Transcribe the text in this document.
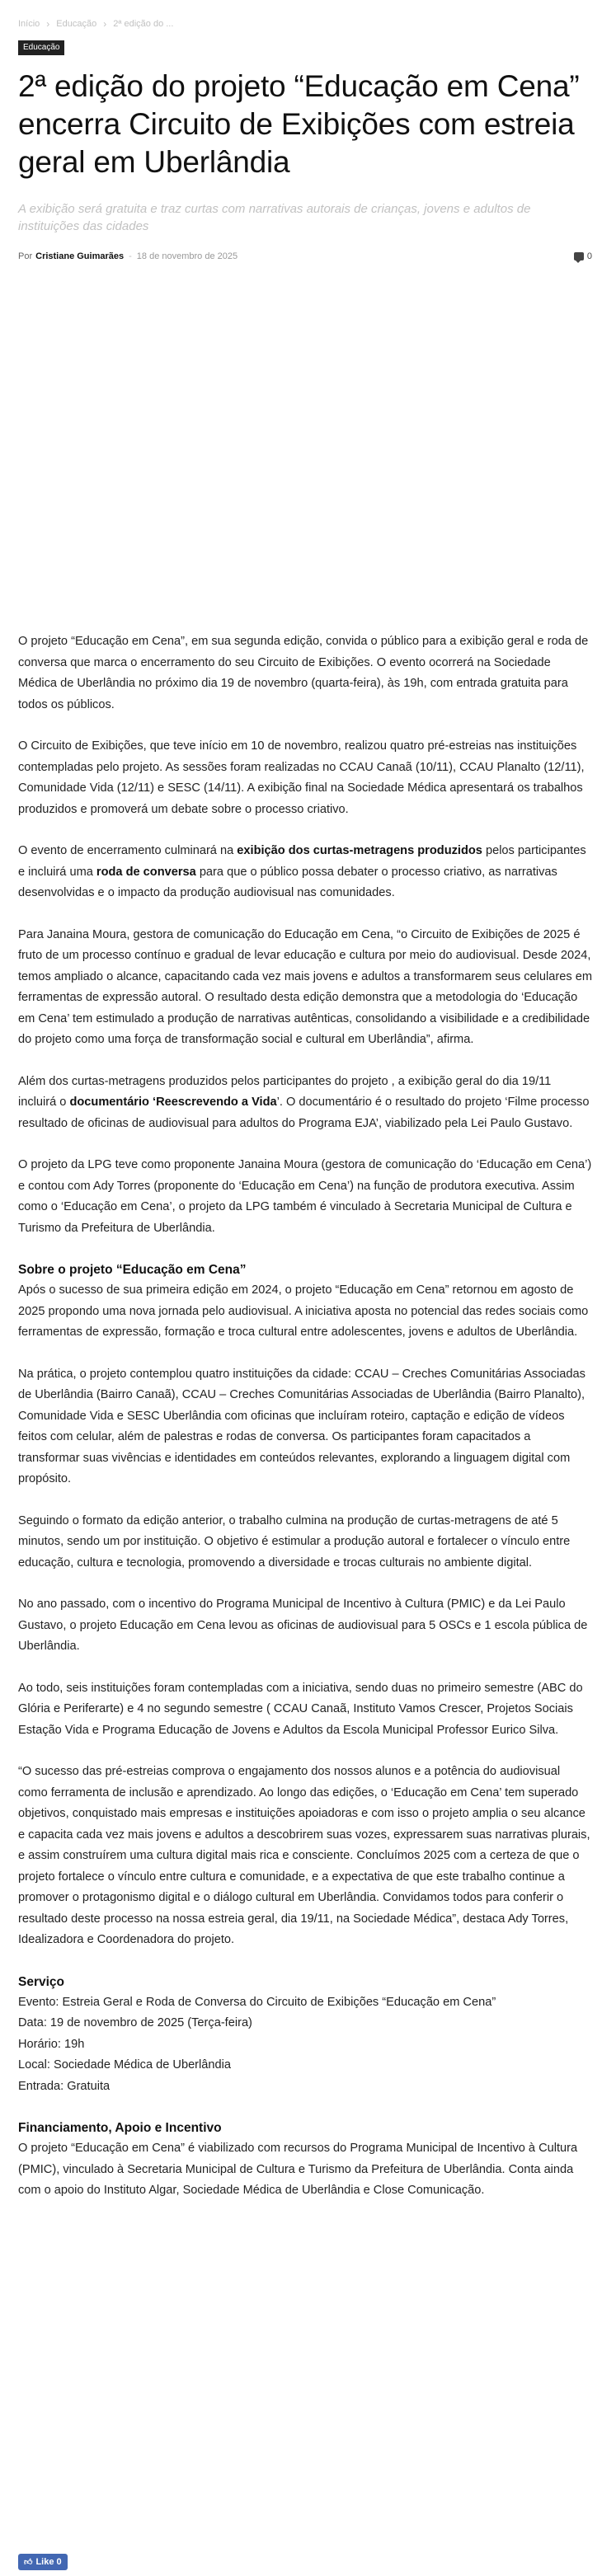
Início › Educação › 2ª edição do ...
Educação
2ª edição do projeto “Educação em Cena” encerra Circuito de Exibições com estreia geral em Uberlândia

A exibição será gratuita e traz curtas com narrativas autorais de crianças, jovens e adultos de instituições das cidades

Por Cristiane Guimarães - 18 de novembro de 2025	0

O projeto “Educação em Cena”, em sua segunda edição, convida o público para a exibição geral e roda de conversa que marca o encerramento do seu Circuito de Exibições. O evento ocorrerá na Sociedade Médica de Uberlândia no próximo dia 19 de novembro (quarta-feira), às 19h, com entrada gratuita para todos os públicos.

O Circuito de Exibições, que teve início em 10 de novembro, realizou quatro pré-estreias nas instituições contempladas pelo projeto. As sessões foram realizadas no CCAU Canaã (10/11), CCAU Planalto (12/11), Comunidade Vida (12/11) e SESC (14/11). A exibição final na Sociedade Médica apresentará os trabalhos produzidos e promoverá um debate sobre o processo criativo.

O evento de encerramento culminará na exibição dos curtas-metragens produzidos pelos participantes e incluirá uma roda de conversa para que o público possa debater o processo criativo, as narrativas desenvolvidas e o impacto da produção audiovisual nas comunidades.

Para Janaina Moura, gestora de comunicação do Educação em Cena, “o Circuito de Exibições de 2025 é fruto de um processo contínuo e gradual de levar educação e cultura por meio do audiovisual. Desde 2024, temos ampliado o alcance, capacitando cada vez mais jovens e adultos a transformarem seus celulares em ferramentas de expressão autoral. O resultado desta edição demonstra que a metodologia do ‘Educação em Cena’ tem estimulado a produção de narrativas autênticas, consolidando a visibilidade e a credibilidade do projeto como uma força de transformação social e cultural em Uberlândia”, afirma.

Além dos curtas-metragens produzidos pelos participantes do projeto , a exibição geral do dia 19/11 incluirá o documentário ‘Reescrevendo a Vida’. O documentário é o resultado do projeto ‘Filme processo resultado de oficinas de audiovisual para adultos do Programa EJA’, viabilizado pela Lei Paulo Gustavo.

O projeto da LPG teve como proponente Janaina Moura (gestora de comunicação do ‘Educação em Cena’) e contou com Ady Torres (proponente do ‘Educação em Cena’) na função de produtora executiva. Assim como o ‘Educação em Cena’, o projeto da LPG também é vinculado à Secretaria Municipal de Cultura e Turismo da Prefeitura de Uberlândia.

Sobre o projeto “Educação em Cena”

Após o sucesso de sua primeira edição em 2024, o projeto “Educação em Cena” retornou em agosto de 2025 propondo uma nova jornada pelo audiovisual. A iniciativa aposta no potencial das redes sociais como ferramentas de expressão, formação e troca cultural entre adolescentes, jovens e adultos de Uberlândia.

Na prática, o projeto contemplou quatro instituições da cidade: CCAU – Creches Comunitárias Associadas de Uberlândia (Bairro Canaã), CCAU – Creches Comunitárias Associadas de Uberlândia (Bairro Planalto), Comunidade Vida e SESC Uberlândia com oficinas que incluíram roteiro, captação e edição de vídeos feitos com celular, além de palestras e rodas de conversa. Os participantes foram capacitados a transformar suas vivências e identidades em conteúdos relevantes, explorando a linguagem digital com propósito.

Seguindo o formato da edição anterior, o trabalho culmina na produção de curtas-metragens de até 5 minutos, sendo um por instituição. O objetivo é estimular a produção autoral e fortalecer o vínculo entre educação, cultura e tecnologia, promovendo a diversidade e trocas culturais no ambiente digital.

No ano passado, com o incentivo do Programa Municipal de Incentivo à Cultura (PMIC) e da Lei Paulo Gustavo, o projeto Educação em Cena levou as oficinas de audiovisual para 5 OSCs e 1 escola pública de Uberlândia.

Ao todo, seis instituições foram contempladas com a iniciativa, sendo duas no primeiro semestre (ABC do Glória e Periferarte) e 4 no segundo semestre ( CCAU Canaã, Instituto Vamos Crescer, Projetos Sociais Estação Vida e Programa Educação de Jovens e Adultos da Escola Municipal Professor Eurico Silva.

“O sucesso das pré-estreias comprova o engajamento dos nossos alunos e a potência do audiovisual como ferramenta de inclusão e aprendizado. Ao longo das edições, o ‘Educação em Cena’ tem superado objetivos, conquistado mais empresas e instituições apoiadoras e com isso o projeto amplia o seu alcance e capacita cada vez mais jovens e adultos a descobrirem suas vozes, expressarem suas narrativas plurais, e assim construírem uma cultura digital mais rica e consciente. Concluímos 2025 com a certeza de que o projeto fortalece o vínculo entre cultura e comunidade, e a expectativa de que este trabalho continue a promover o protagonismo digital e o diálogo cultural em Uberlândia. Convidamos todos para conferir o resultado deste processo na nossa estreia geral, dia 19/11, na Sociedade Médica”, destaca Ady Torres, Idealizadora e Coordenadora do projeto.

Serviço
Evento: Estreia Geral e Roda de Conversa do Circuito de Exibições “Educação em Cena”
Data: 19 de novembro de 2025 (Terça-feira)
Horário: 19h
Local: Sociedade Médica de Uberlândia
Entrada: Gratuita
Financiamento, Apoio e Incentivo

O projeto “Educação em Cena” é viabilizado com recursos do Programa Municipal de Incentivo à Cultura (PMIC), vinculado à Secretaria Municipal de Cultura e Turismo da Prefeitura de Uberlândia. Conta ainda com o apoio do Instituto Algar, Sociedade Médica de Uberlândia e Close Comunicação.

👍︎ Like 0
